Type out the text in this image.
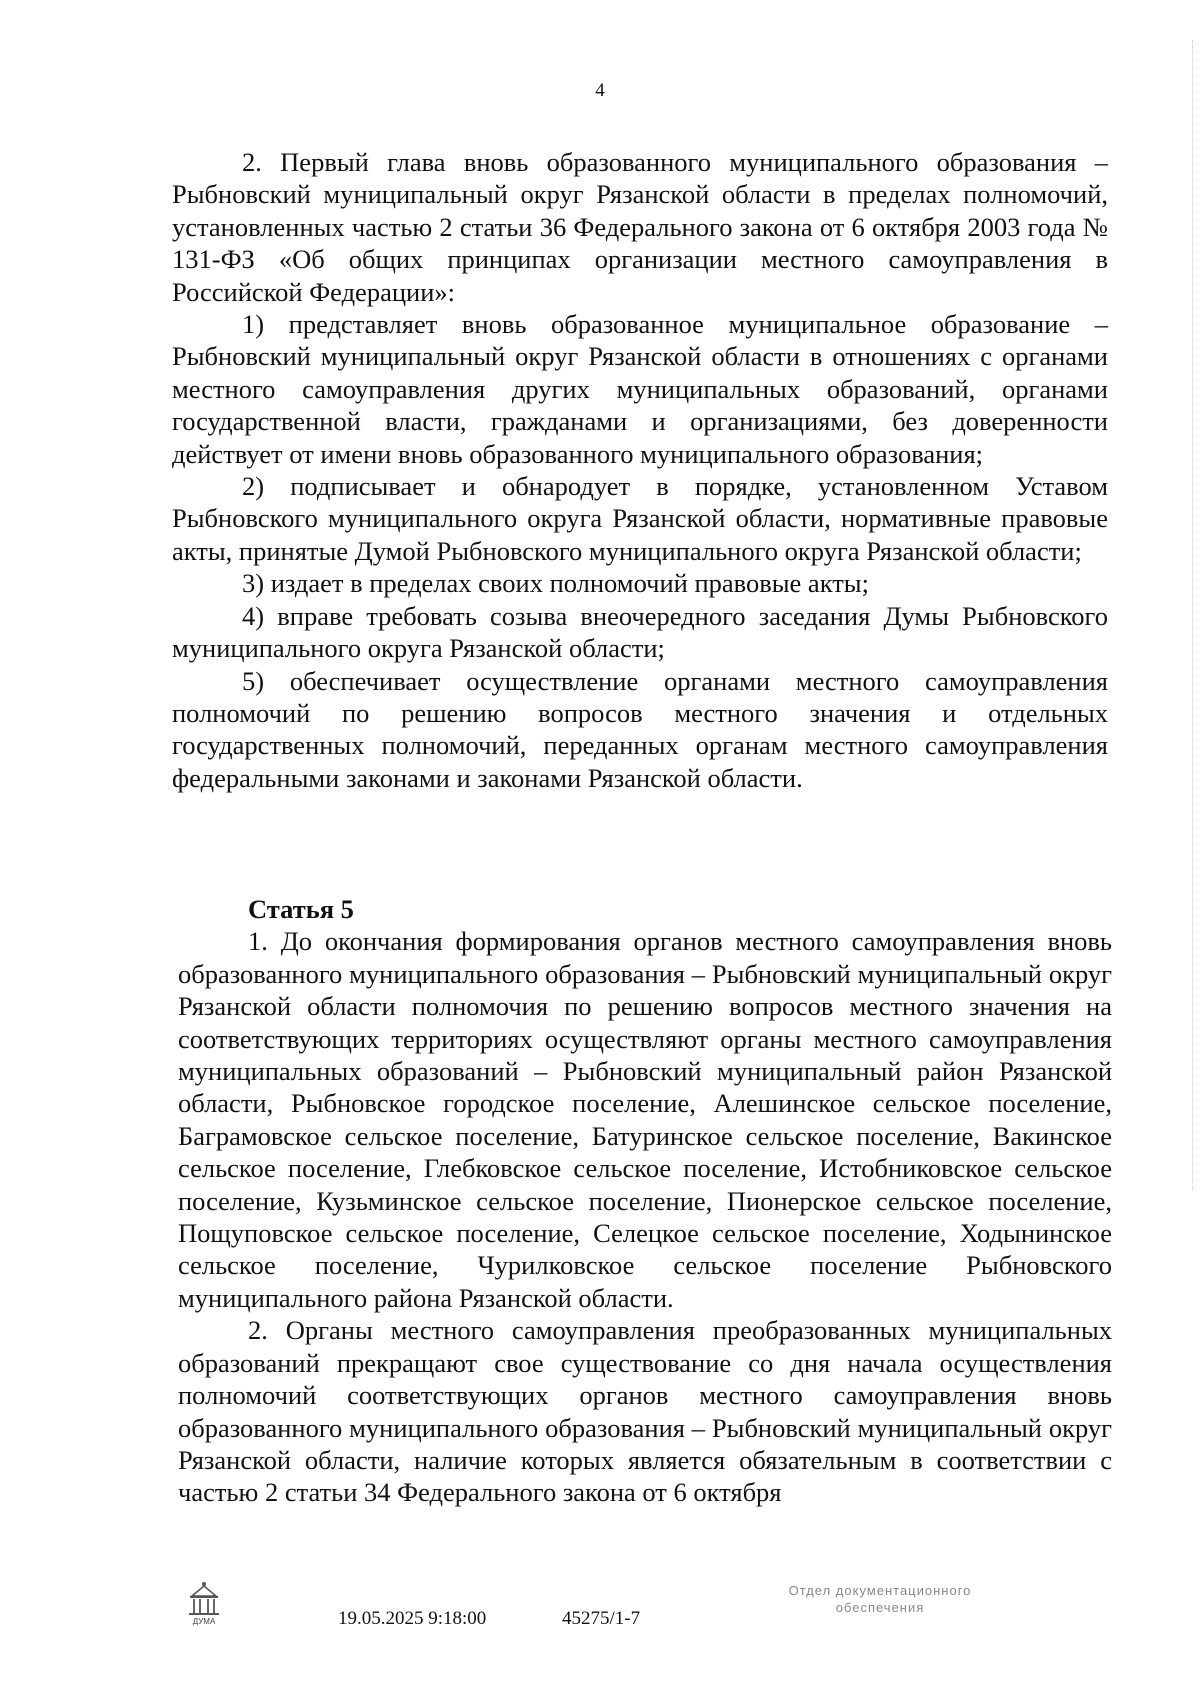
4

2. Первый глава вновь образованного муниципального образования – Рыбновский муниципальный округ Рязанской области в пределах полномочий, установленных частью 2 статьи 36 Федерального закона от 6 октября 2003 года № 131-ФЗ «Об общих принципах организации местного самоуправления в Российской Федерации»:

1) представляет вновь образованное муниципальное образование – Рыбновский муниципальный округ Рязанской области в отношениях с органами местного самоуправления других муниципальных образований, органами государственной власти, гражданами и организациями, без доверенности действует от имени вновь образованного муниципального образования;

2) подписывает и обнародует в порядке, установленном Уставом Рыбновского муниципального округа Рязанской области, нормативные правовые акты, принятые Думой Рыбновского муниципального округа Рязанской области;

3) издает в пределах своих полномочий правовые акты;

4) вправе требовать созыва внеочередного заседания Думы Рыбновского муниципального округа Рязанской области;

5) обеспечивает осуществление органами местного самоуправления полномочий по решению вопросов местного значения и отдельных государственных полномочий, переданных органам местного самоуправления федеральными законами и законами Рязанской области.

Статья 5

1. До окончания формирования органов местного самоуправления вновь образованного муниципального образования – Рыбновский муниципальный округ Рязанской области полномочия по решению вопросов местного значения на соответствующих территориях осуществляют органы местного самоуправления муниципальных образований – Рыбновский муниципальный район Рязанской области, Рыбновское городское поселение, Алешинское сельское поселение, Баграмовское сельское поселение, Батуринское сельское поселение, Вакинское сельское поселение, Глебковское сельское поселение, Истобниковское сельское поселение, Кузьминское сельское поселение, Пионерское сельское поселение, Пощуповское сельское поселение, Селецкое сельское поселение, Ходынинское сельское поселение, Чурилковское сельское поселение Рыбновского муниципального района Рязанской области.

2. Органы местного самоуправления преобразованных муниципальных образований прекращают свое существование со дня начала осуществления полномочий соответствующих органов местного самоуправления вновь образованного муниципального образования – Рыбновский муниципальный округ Рязанской области, наличие которых является обязательным в соответствии с частью 2 статьи 34 Федерального закона от 6 октября

ДУМА	19.05.2025 9:18:00	45275/1-7
Отдел документационного
обеспечения
